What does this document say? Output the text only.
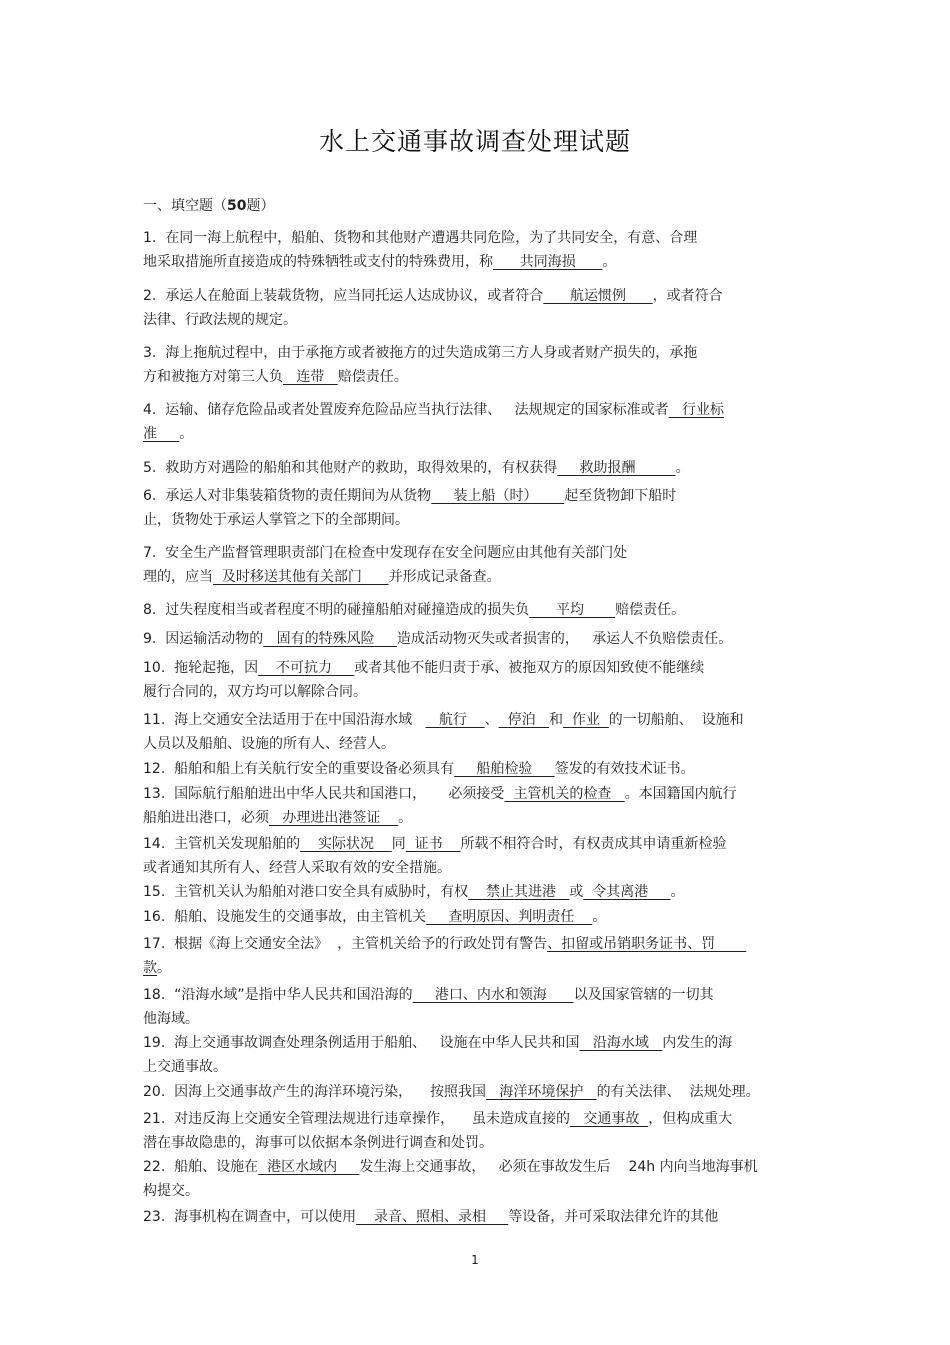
水上交通事故调查处理试题
一、填空题（50题）
1.  在同一海上航程中，船舶、货物和其他财产遭遇共同危险，为了共同安全，有意、合理
地采取措施所直接造成的特殊牺牲或支付的特殊费用，称      共同海损      。
2.  承运人在舱面上装载货物，应当同托运人达成协议，或者符合      航运惯例      ，或者符合
法律、行政法规的规定。
3.  海上拖航过程中，由于承拖方或者被拖方的过失造成第三方人身或者财产损失的，承拖
方和被拖方对第三人负   连带   赔偿责任。
4.  运输、储存危险品或者处置废弃危险品应当执行法律、   法规规定的国家标准或者   行业标
准     。
5.  救助方对遇险的船舶和其他财产的救助，取得效果的，有权获得     救助报酬         。
6.  承运人对非集装箱货物的责任期间为从货物     装上船（时）      起至货物卸下船时
止，货物处于承运人掌管之下的全部期间。
7.  安全生产监督管理职责部门在检查中发现存在安全问题应由其他有关部门处
理的，应当  及时移送其他有关部门      并形成记录备查。
8.  过失程度相当或者程度不明的碰撞船舶对碰撞造成的损失负      平均       赔偿责任。
9.  因运输活动物的   固有的特殊风险     造成活动物灭失或者损害的，   承运人不负赔偿责任。
10.  拖轮起拖，因    不可抗力     或者其他不能归责于承、被拖双方的原因知致使不能继续
履行合同的，双方均可以解除合同。
11.  海上交通安全法适用于在中国沿海水域      航行    、  停泊   和  作业  的一切船舶、  设施和
人员以及船舶、设施的所有人、经营人。
12.  船舶和船上有关航行安全的重要设备必须具有     船舶检验     签发的有效技术证书。
13.  国际航行船舶进出中华人民共和国港口，     必须接受  主管机关的检查   。本国籍国内航行
船舶进出港口，必须   办理进出港签证    。
14.  主管机关发现船舶的    实际状况    同  证书    所载不相符合时，有权责成其申请重新检验
或者通知其所有人、经营人采取有效的安全措施。
15.  主管机关认为船舶对港口安全具有威胁时，有权    禁止其进港   或  令其离港     。
16.  船舶、设施发生的交通事故，由主管机关     查明原因、判明责任    。
17.  根据《海上交通安全法》  ，主管机关给予的行政处罚有警告、扣留或吊销职务证书、罚
款。
18.  “沿海水域”是指中华人民共和国沿海的     港口、内水和领海      以及国家管辖的一切其
他海域。
19.  海上交通事故调查处理条例适用于船舶、   设施在中华人民共和国   沿海水域   内发生的海
上交通事故。
20.  因海上交通事故产生的海洋环境污染，    按照我国   海洋环境保护   的有关法律、  法规处理。
21.  对违反海上交通安全管理法规进行违章操作，    虽未造成直接的   交通事故  ，但构成重大
潜在事故隐患的，海事可以依据本条例进行调查和处罚。
22.  船舶、设施在  港区水域内     发生海上交通事故，   必须在事故发生后    24h 内向当地海事机
构提交。
23.  海事机构在调查中，可以使用    录音、照相、录相     等设备，并可采取法律允许的其他
1
